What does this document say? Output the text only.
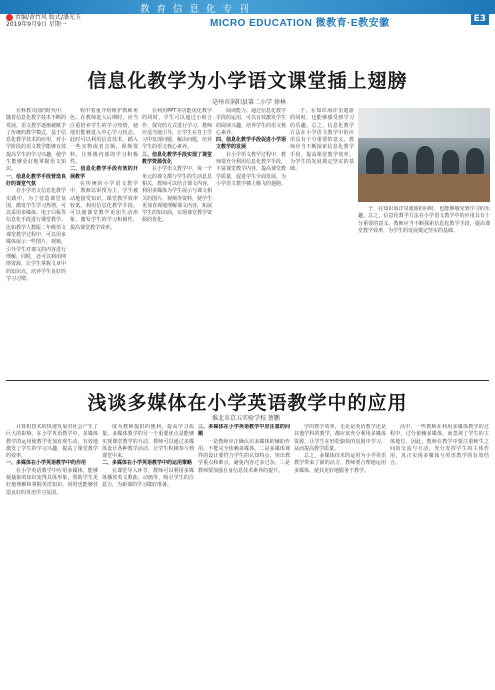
教育信息化专刊
责编/黄竹风 版式/潘光玉
2019年9月9日 星期一	MICRO EDUCATION 微教育·E教安徽	E3
信息化教学为小学语文课堂插上翅膀
亳州市涡阳县第二小学 徐林

在科教兴国的时代中，随着信息化教学技术不断的发展，语文教学逐渐被赋予了传统的教学模式，基于信息化教学技术的应用，对小学阶段的语文教学能够有效提高学生的学习兴趣，使学生能够更好地掌握语文知识。

一、信息化教学手段营造良好的课堂气氛

在小学语文信息化教学实践中，为了营造课堂氛围，激发学生学习热情，可以采用多媒体、电子白板等信息化手段进行课堂教学。比如教学人教版二年级语文课堂教学过程中，可以用多媒体展示一些图片、视频，引导学生对课文的内容进行理解。同时，还可以利用网络资源，让学生掌握文章中的知识点，培养学生良好的学习习惯。

程中着重介绍维护教师角色。在教师进入后期时，应当注重培养学生的学习热情，使他们能够进入中心学习状态。此时可以利用信息技术，插入一些实物或者音频、视频资料，让班级内部的学习积极性。

二、信息化教学手段有效的开展教学

在传统的小学语文教学中，教师以讲授为主，学生被动地接受知识，课堂教学效率较低。利用信息化教学手段，可以使课堂教学更加生动形象，激发学生的学习积极性，提高课堂教学效率。

在利用PPT等功能优化教学的同时，学生可以通过小组合作、探究的方式进行学习，教师应适当地引导，让学生在自主学习中发现问题、解决问题，培养学生的语文核心素养。

三、信息化教学手段实现了课堂教学资源优化

在小学语文教学中，每一个单元的课文都与学生的生活息息相关，教师可以结合课文内容，利用多媒体为学生展示与课文相关的图片、视频等资料，使学生更加直观地理解课文内容，拓展学生的知识面，实现课堂教学资源的优化。

阅读能力。通过信息化教学手段的运用，可以有效激发学生的阅读兴趣，培养学生的语文核心素养。

四、信息化教学手段促进小学语文教学的发展

在小学语文教学过程中，教师要充分利用信息化教学手段，丰富课堂教学内容，提高课堂教学质量，促进学生全面发展，为小学语文教学插上腾飞的翅膀。

子，在知识海洋里遨游的同时，也能够感受到学习的乐趣。总之，信息化教学方法在小学语文教学中的应用具有十分重要的意义，教师应当不断探索信息化教学手段，提高课堂教学效率，为学生的发展奠定坚实的基础。

子，在知识海洋里遨游的同时，也能够感受到学习的乐趣。总之，信息化教学方法在小学语文教学中的应用具有十分重要的意义，教师应当不断探索信息化教学手段，提高课堂教学效率，为学生的发展奠定坚实的基础。

浅谈多媒体在小学英语教学中的应用
淮北市京五实验学校 蔡鹏

计算机技术的快速发展对社会产生了巨大的影响，在小学英语教学中，多媒体教学的运用使教学更加直观生动，有效地激发了学生的学习兴趣，提高了课堂教学的效率。

一、多媒体在小学英语教学中的作用

在小学英语教学中应用多媒体，能够使抽象的知识变得具体形象，帮助学生更好地理解和掌握英语知识，同时也能够营造良好的英语学习氛围。

度为教师提供的便利，提高学习质量。多媒体教学的另一个重要优点是能够实现课堂教学的互动，教师可以通过多媒体设计各种教学活动，让学生积极参与到课堂中来。

二、多媒体在小学英语教学中的运用策略

在课堂导入环节，教师可以利用多媒体播放英文歌曲、动画等，吸引学生的注意力，为新课的学习做好准备。

三、多媒体在小学英语教学中应注意的问题

一是教师应正确认识多媒体的辅助作用，不能完全依赖多媒体。二是多媒体课件的设计要符合学生的认知特点，突出教学重点和难点，避免内容过多过杂。三是教师要加强自身信息技术素养的提升。

学的教学效率，无论是英语教学还是其他学科的教学，都应该充分利用多媒体资源，让学生在轻松愉快的氛围中学习，从而提高教学质量。

总之，多媒体技术的运用为小学英语教学带来了新的活力，教师要合理地运用多媒体，使其更好地服务于教学。

活中，一些教师在利用多媒体教学的过程中，过分依赖多媒体，而忽视了学生的主体地位。因此，教师在教学中要注重师生之间的交流与互动，充分发挥学生的主体作用，真正实现多媒体与英语教学的有效结合。
